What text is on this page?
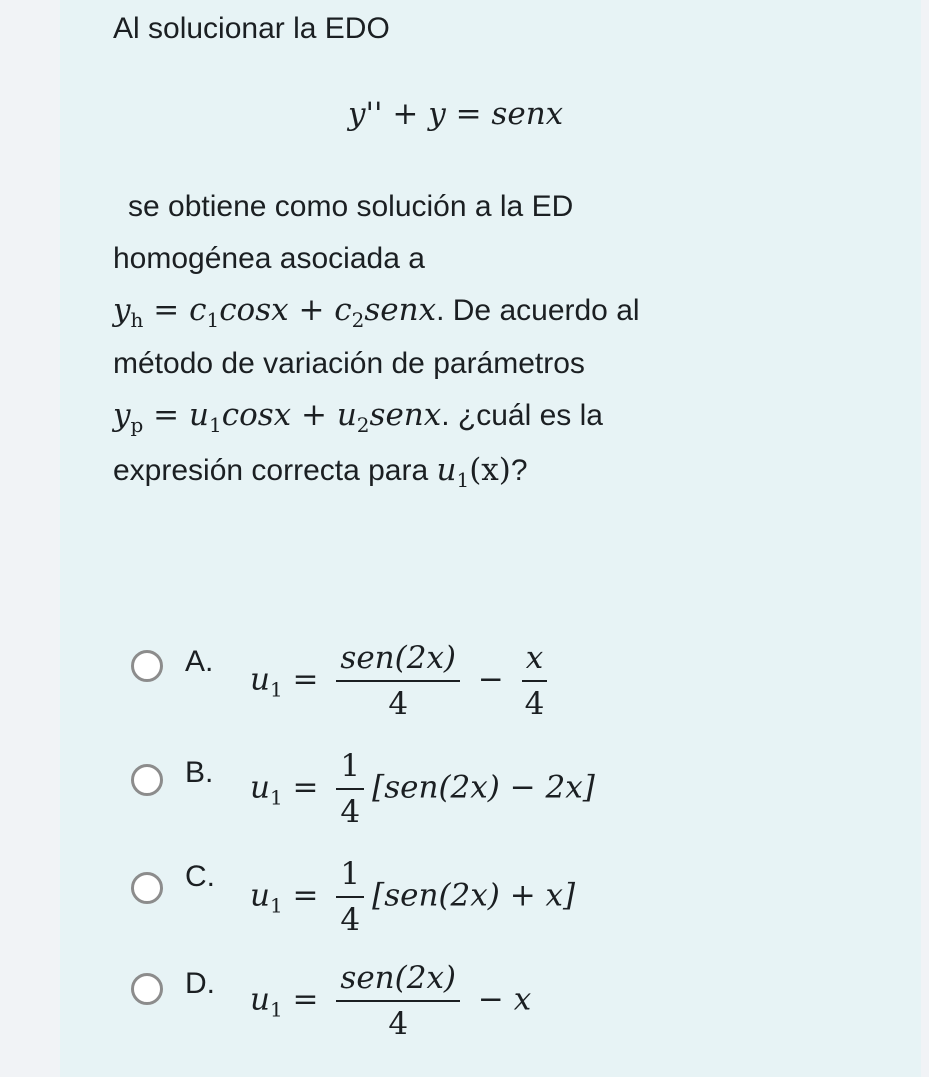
Al solucionar la EDO
y'' + y = senx
se obtiene como solución a la ED
homogénea asociada a
$y_h = c_1\cos x$ + $c_2senx$. De acuerdo al
método de variación de parámetros
$y_p = u_1\cos x$ + $u_2senx$. ¿cuál es la
expresión correcta para $u_1(x)$?
A. $u_1 = \frac{\text{sen(2x)}}{4} - \frac{x}{4}$
B. $u_1 = \frac{1}{4} [sen(2x) - 2x]$
C.
$u_1 = \frac{1}{4} [sen(2x) + x]$
D. $u_1 = \frac{\text{sen(2x)}}{4} - x$
